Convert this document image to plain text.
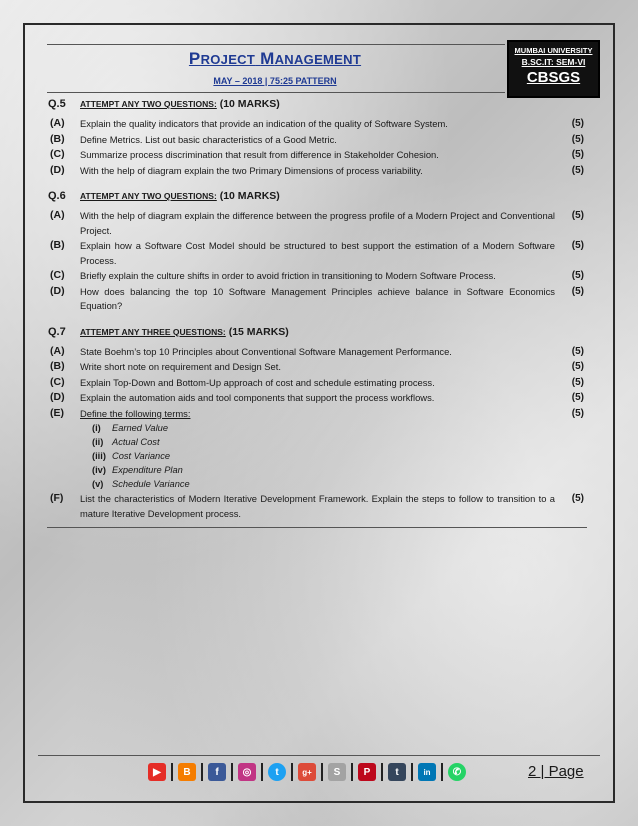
PROJECT MANAGEMENT
MAY – 2018 | 75:25 PATTERN
MUMBAI UNIVERSITY
B.SC.IT: SEM-VI
CBSGS
Q.5	ATTEMPT ANY TWO QUESTIONS: (10 MARKS)
(A)	Explain the quality indicators that provide an indication of the quality of Software System.	(5)
(B)	Define Metrics. List out basic characteristics of a Good Metric.	(5)
(C)	Summarize process discrimination that result from difference in Stakeholder Cohesion.	(5)
(D)	With the help of diagram explain the two Primary Dimensions of process variability.	(5)
Q.6	ATTEMPT ANY TWO QUESTIONS: (10 MARKS)
(A)	With the help of diagram explain the difference between the progress profile of a Modern Project and Conventional Project.
(5)
(B)	Explain how a Software Cost Model should be structured to best support the estimation of a Modern Software Process.
(5)
(C)	Briefly explain the culture shifts in order to avoid friction in transitioning to Modern Software Process.	(5)
(D)	How does balancing the top 10 Software Management Principles achieve balance in Software Economics Equation?
(5)
Q.7	ATTEMPT ANY THREE QUESTIONS: (15 MARKS)
(A)	State Boehm’s top 10 Principles about Conventional Software Management Performance.	(5)
(B)	Write short note on requirement and Design Set.	(5)
(C)	Explain Top-Down and Bottom-Up approach of cost and schedule estimating process.	(5)
(D)	Explain the automation aids and tool components that support the process workflows.	(5)
(E)	Define the following terms:	(5)
(i)	Earned Value
(ii) Actual Cost
(iii) Cost Variance
(iv) Expenditure Plan
(v) Schedule Variance
(F)	List the characteristics of Modern Iterative Development Framework. Explain the steps to follow to transition to a mature Iterative Development process.
(5)
▶	B	f	◎	t	g+	S	P	t	in	✆	2 | Page
